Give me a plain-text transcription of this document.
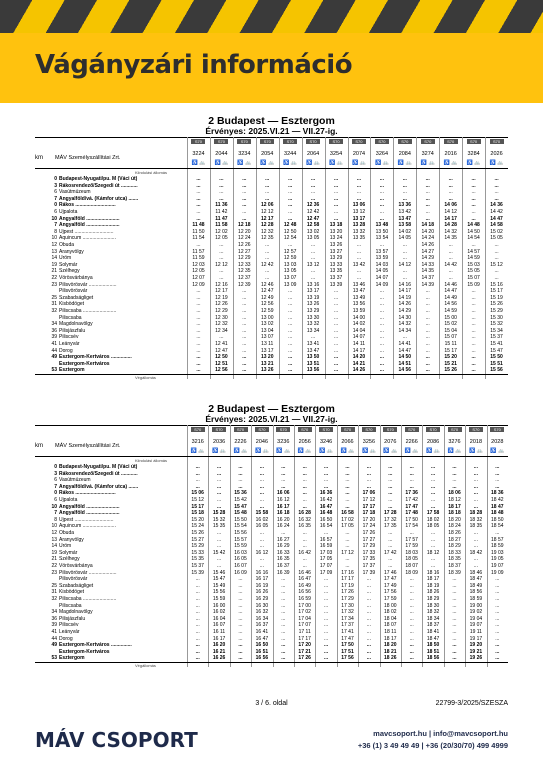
Vágányzári információ
2 Budapest — Esztergom
Érvényes: 2025.VI.21 — VII.27-ig.
km MÁV Személyszállítási Zrt.
S70
3224
♿ 🚲
S70
2044
♿ 🚲
S70
3234
♿ 🚲
S70
2054
♿ 🚲
S70
3244
♿ 🚲
S70
2064
♿ 🚲
S70
3254
♿ 🚲
S70
2074
♿ 🚲
S70
3264
♿ 🚲
S70
2084
♿ 🚲
S70
3274
♿ 🚲
S70
2016
♿ 🚲
S70
3284
♿ 🚲
S70
2026
♿ 🚲
Kiindulási állomás
0 Budapest-Nyugati/pu. M (Váci út)	...	...	...	...	...	...	...	...	...	...	...	...	...	...
3 Rákosrendező/Szegedi út ............	...	...	...	...	...	...	...	...	...	...	...	...	...	...
6 Vasútmúzeum	...	...	...	...	...	...	...	...	...	...	...	...	...	...
7 Angyalföld/vá. (Kámfor utca) .......	...	...	...	...	...	...	...	...	...	...	...	...	...	...
0 Rákos .............................	...	11 36	...	12 06	...	12 36	...	13 06	...	13 36	...	14 06	...	14 36
6 Újpalota	...	11 42	...	12 12	...	12 42	...	13 12	...	13 42	...	14 12	...	14 42
10 Angyalföld ........................	...	11 47	...	12 17	...	12 47	...	13 17	...	13 47	...	14 17	...	14 47
7 Angyalföld ........................	11 48	11 58	12 18	12 28	12 48	12 58	13 18	13 28	13 48	13 58	14 18	14 28	14 48	14 58
8 Újpest ............................	11 50	12 02	12 20	12 32	12 50	13 02	13 20	13 32	13 50	14 02	14 20	14 32	14 50	15 02
10 Aquincum ........................	11 54	12 05	12 24	12 35	12 54	13 05	13 24	13 35	13 54	14 05	14 24	14 35	14 54	15 05
12 Óbuda	...	...	12 26	...	...	...	13 26	...	...	...	14 26	...	...	...
13 Aranyvölgy	11 57	...	12 27	...	12 57	...	13 27	...	13 57	...	14 27	...	14 57	...
14 Üröm	11 59	...	12 29	...	12 59	...	13 29	...	13 59	...	14 29	...	14 59	...
19 Solymár	12 03	12 12	12 33	12 42	13 03	13 12	13 33	13 42	14 03	14 12	14 33	14 42	15 03	15 12
21 Szélhegy	12 05	...	12 35	...	13 05	...	13 35	...	14 05	...	14 35	...	15 05	...
22 Vörösvárbánya	12 07	...	12 37	...	13 07	...	13 37	...	14 07	...	14 37	...	15 07	...
23 Pilisvörösvár ....................	12 09	12 16	12 39	12 46	13 09	13 16	13 39	13 46	14 09	14 16	14 39	14 46	15 09	15 16
Pilisvörösvár	...	12 17	...	12 47	...	13 17	...	13 47	...	14 17	...	14 47	...	15 17
25 Szabadságliget	...	12 19	...	12 49	...	13 19	...	13 49	...	14 19	...	14 49	...	15 19
31 Kisbödöget	...	12 26	...	12 56	...	13 26	...	13 56	...	14 26	...	14 56	...	15 26
32 Piliscsaba ........................	...	12 29	...	12 59	...	13 29	...	13 59	...	14 29	...	14 59	...	15 29
Piliscsaba	...	12 30	...	13 00	...	13 30	...	14 00	...	14 30	...	15 00	...	15 30
34 Magdolnavölgy	...	12 32	...	13 02	...	13 32	...	14 02	...	14 32	...	15 02	...	15 32
36 Pilisjászfalu	...	12 34	...	13 04	...	13 34	...	14 04	...	14 34	...	15 04	...	15 34
39 Piliscsév	...	...	...	13 07	...	...	...	14 07	...	...	...	15 07	...	15 37
41 Leányvár	...	12 41	...	13 11	...	13 41	...	14 11	...	14 41	...	15 11	...	15 41
44 Dorog	...	12 47	...	13 17	...	13 47	...	14 17	...	14 47	...	15 17	...	15 47
49 Esztergom-Kertváros ...............	...	12 50	...	13 20	...	13 50	...	14 20	...	14 50	...	15 20	...	15 50
Esztergom-Kertváros	...	12 51	...	13 21	...	13 51	...	14 21	...	14 51	...	15 21	...	15 51
53 Esztergom	...	12 56	...	13 26	...	13 56	...	14 26	...	14 56	...	15 26	...	15 56
Végállomás
2 Budapest — Esztergom
Érvényes: 2025.VI.21 — VII.27-ig.
km MÁV Személyszállítási Zrt.
S70
3216
♿ 🚲
S70
2036
♿ 🚲
S70
2226
♿ 🚲
S70
2046
♿ 🚲
S70
3236
♿ 🚲
S70
2056
♿ 🚲
S70
3246
♿ 🚲
S70
2066
♿ 🚲
S70
3256
♿ 🚲
S70
2076
♿ 🚲
S70
2266
♿ 🚲
S70
2086
♿ 🚲
S70
3276
♿ 🚲
S70
2018
♿ 🚲
S70
2028
♿ 🚲
Kiindulási állomás
0 Budapest-Nyugati/pu. M (Váci út)	...	...	...	...	...	...	...	...	...	...	...	...	...	...	...
3 Rákosrendező/Szegedi út ............	...	...	...	...	...	...	...	...	...	...	...	...	...	...	...
6 Vasútmúzeum	...	...	...	...	...	...	...	...	...	...	...	...	...	...	...
7 Angyalföld/vá. (Kámfor utca) .......	...	...	...	...	...	...	...	...	...	...	...	...	...	...	...
0 Rákos .............................	15 06	...	15 36	...	16 06	...	16 36	...	17 06	...	17 36	...	18 06	...	18 36
6 Újpalota	15 12	...	15 42	...	16 12	...	16 42	...	17 12	...	17 42	...	18 12	...	18 42
10 Angyalföld ........................	15 17	...	15 47	...	16 17	...	16 47	...	17 17	...	17 47	...	18 17	...	18 47
7 Angyalföld ........................	15 18	15 28	15 48	15 58	16 18	16 28	16 48	16 58	17 18	17 28	17 48	17 58	18 18	18 28	18 48
8 Újpest ............................	15 20	15 32	15 50	16 02	16 20	16 32	16 50	17 02	17 20	17 32	17 50	18 02	18 20	18 32	18 50
10 Aquincum ........................	15 24	15 35	15 54	16 05	16 24	16 35	16 54	17 05	17 24	17 35	17 54	18 05	18 24	18 35	18 54
12 Óbuda	15 26	...	15 56	...	...	...	...	...	17 26	...	...	...	18 26	...	...
13 Aranyvölgy	15 27	...	15 57	...	16 27	...	16 57	...	17 27	...	17 57	...	18 27	...	18 57
14 Üröm	15 29	...	15 59	...	16 29	...	16 59	...	17 29	...	17 59	...	18 29	...	18 59
19 Solymár	15 33	15 42	16 03	16 12	16 33	16 42	17 03	17 12	17 33	17 42	18 03	18 12	18 33	18 42	19 03
21 Szélhegy	15 35	...	16 05	...	16 35	...	17 05	...	17 35	...	18 05	...	18 35	...	19 05
22 Vörösvárbánya	15 37	...	16 07	...	16 37	...	17 07	...	17 37	...	18 07	...	18 37	...	19 07
23 Pilisvörösvár ....................	15 39	15 46	16 09	16 16	16 39	16 46	17 09	17 16	17 39	17 46	18 09	18 16	18 39	18 46	19 09
Pilisvörösvár	...	15 47	...	16 17	...	16 47	...	17 17	...	17 47	...	18 17	...	18 47	...
25 Szabadságliget	...	15 49	...	16 19	...	16 49	...	17 19	...	17 49	...	18 19	...	18 49	...
31 Kisbödöget	...	15 56	...	16 26	...	16 56	...	17 26	...	17 56	...	18 26	...	18 56	...
32 Piliscsaba ........................	...	15 59	...	16 29	...	16 59	...	17 29	...	17 59	...	18 29	...	18 59	...
Piliscsaba	...	16 00	...	16 30	...	17 00	...	17 30	...	18 00	...	18 30	...	19 00	...
34 Magdolnavölgy	...	16 02	...	16 32	...	17 02	...	17 32	...	18 02	...	18 32	...	19 02	...
36 Pilisjászfalu	...	16 04	...	16 34	...	17 04	...	17 34	...	18 04	...	18 34	...	19 04	...
39 Piliscsév	...	16 07	...	16 37	...	17 07	...	17 37	...	18 07	...	18 37	...	19 07	...
41 Leányvár	...	16 11	...	16 41	...	17 11	...	17 41	...	18 11	...	18 41	...	19 11	...
44 Dorog	...	16 17	...	16 47	...	17 17	...	17 47	...	18 17	...	18 47	...	19 17	...
49 Esztergom-Kertváros ...............	...	16 20	...	16 50	...	17 20	...	17 50	...	18 20	...	18 50	...	19 20	...
Esztergom-Kertváros	...	16 21	...	16 51	...	17 21	...	17 51	...	18 21	...	18 51	...	19 21	...
53 Esztergom	...	16 26	...	16 56	...	17 26	...	17 56	...	18 26	...	18 56	...	19 26	...
Végállomás
3 / 6. oldal	22799-3/2025/SZESZA
MÁV CSOPORT	mavcsoport.hu | info@mavcsoport.hu
+36 (1) 3 49 49 49 | +36 (20/30/70) 499 4999
